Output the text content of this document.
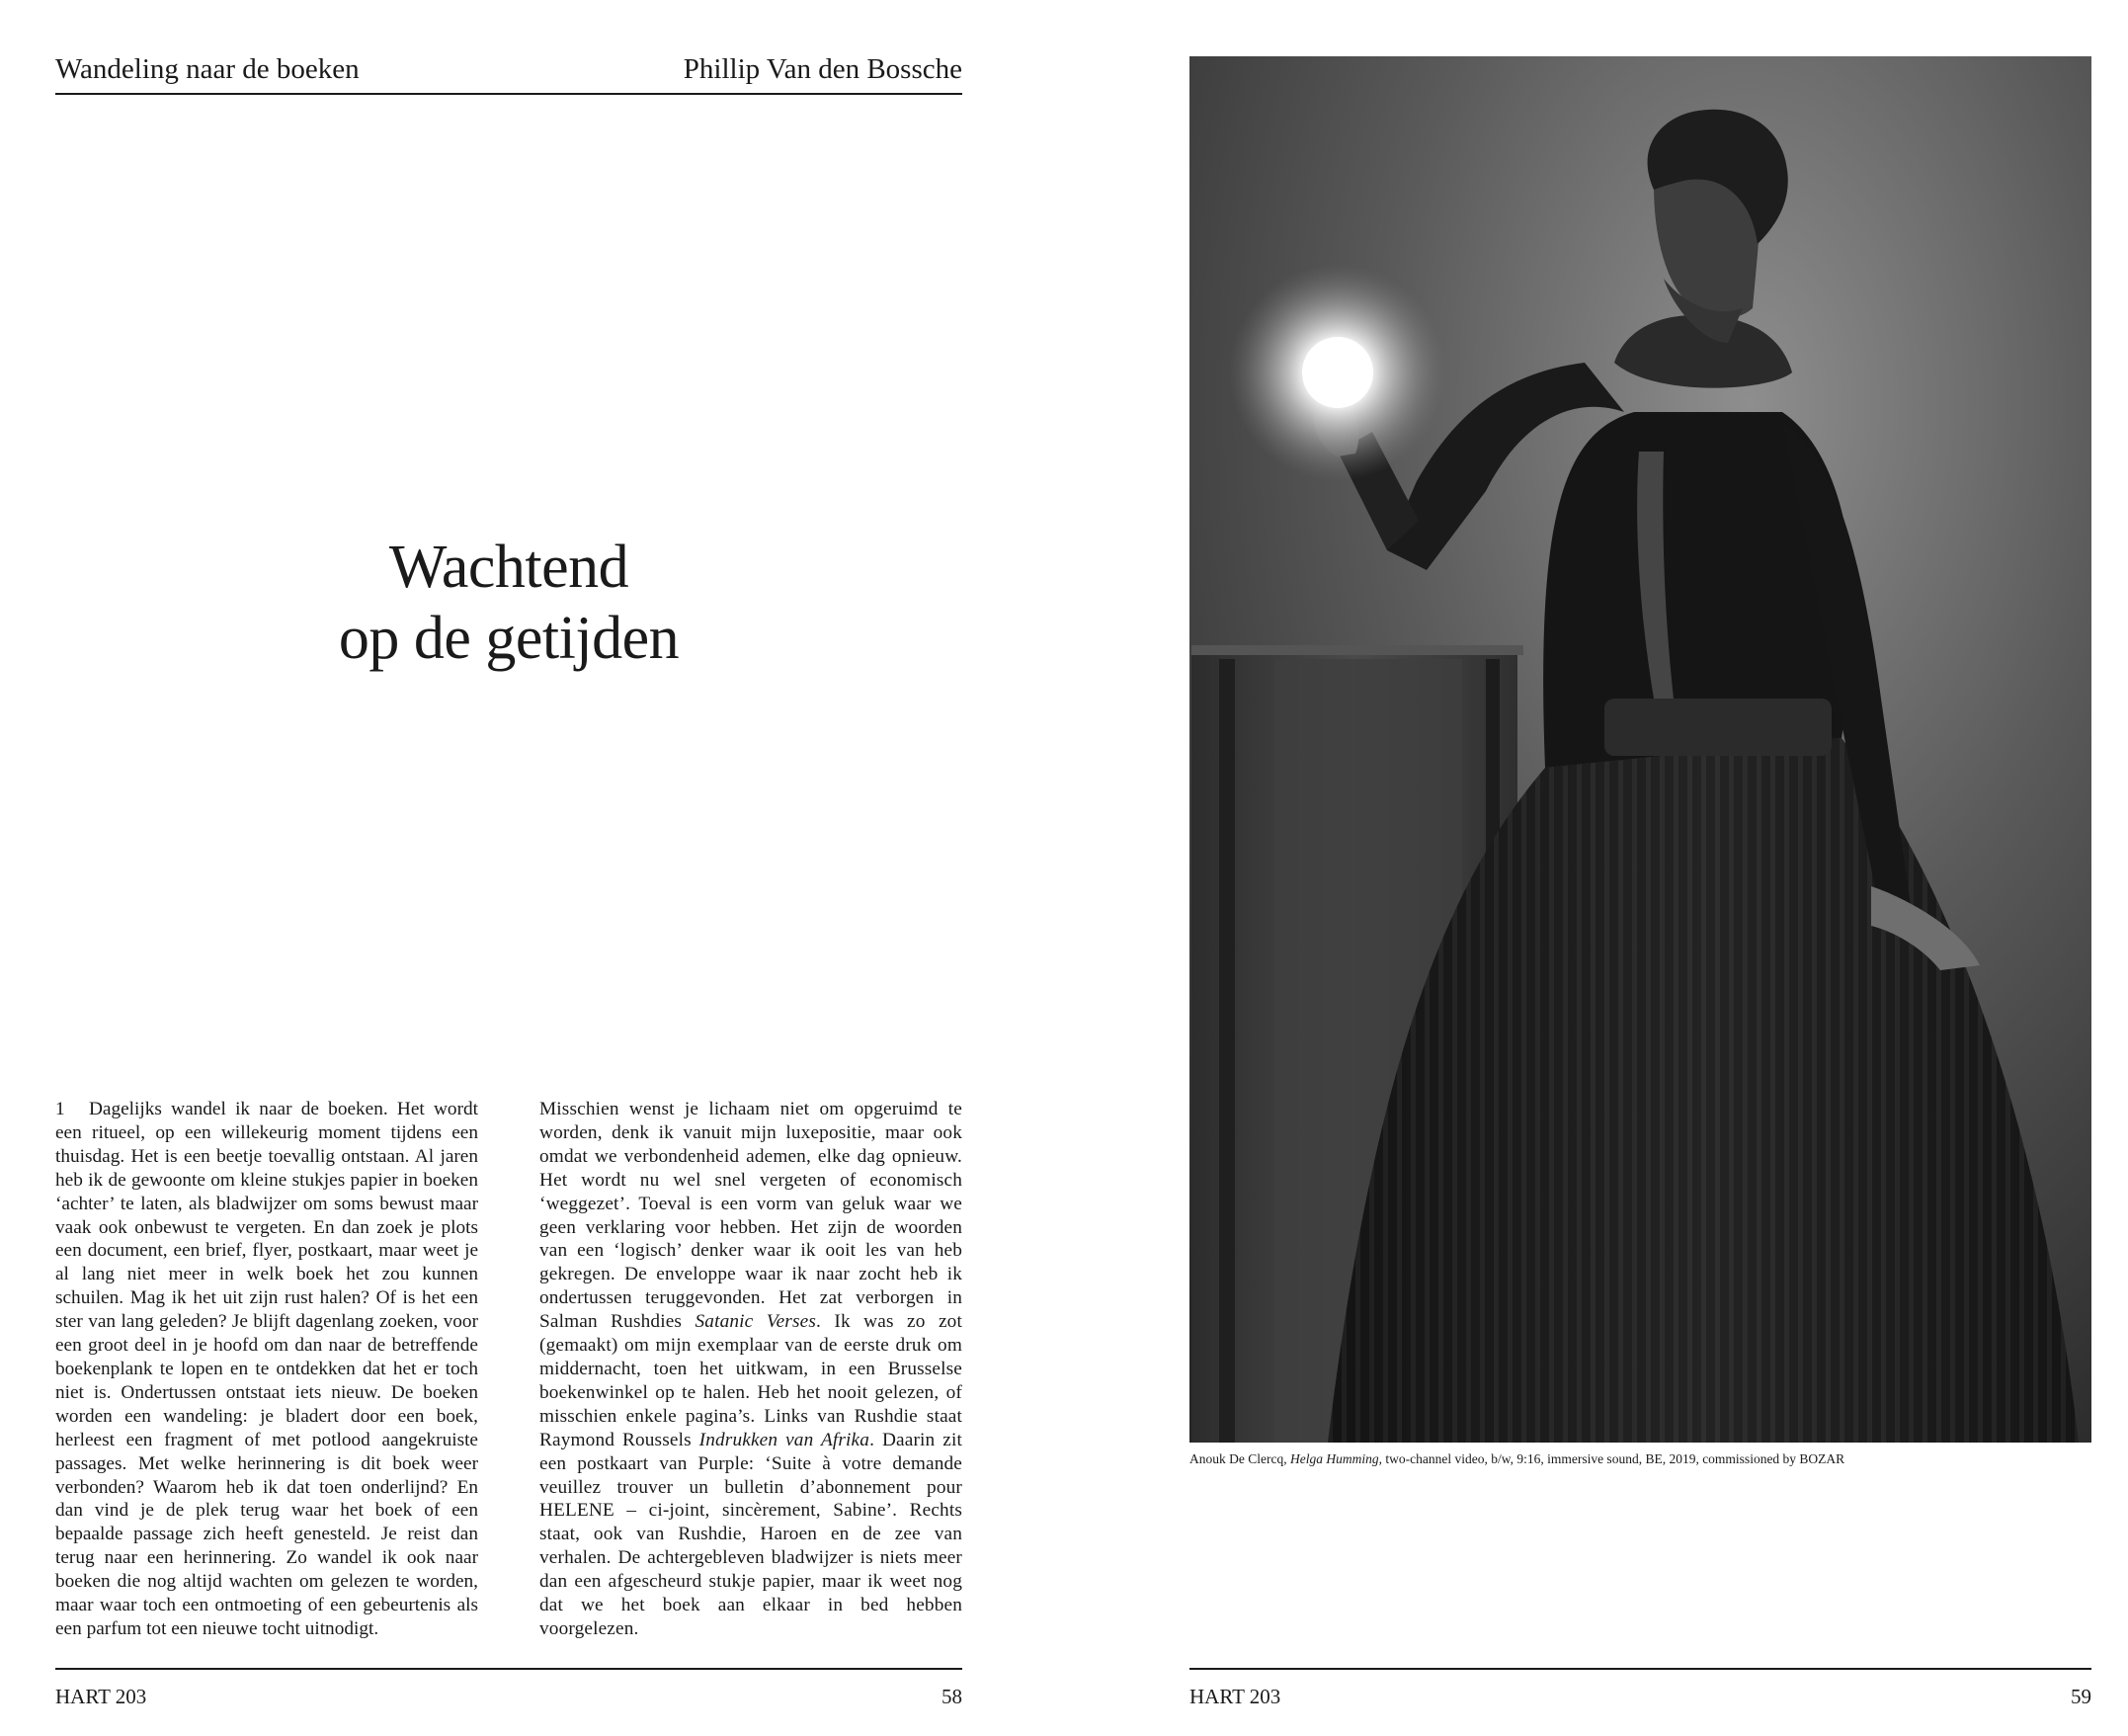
Wandeling naar de boeken	Phillip Van den Bossche
Wachtend
op de getijden

1 Dagelijks wandel ik naar de boeken. Het wordt een ritueel, op een willekeurig moment tijdens een thuisdag. Het is een beetje toevallig ontstaan. Al jaren heb ik de gewoonte om kleine stukjes papier in boeken ‘achter’ te laten, als bladwijzer om soms bewust maar vaak ook onbewust te vergeten. En dan zoek je plots een document, een brief, flyer, postkaart, maar weet je al lang niet meer in welk boek het zou kunnen schuilen. Mag ik het uit zijn rust halen? Of is het een ster van lang geleden? Je blijft dagenlang zoeken, voor een groot deel in je hoofd om dan naar de betreffende boekenplank te lopen en te ontdekken dat het er toch niet is. Ondertussen ontstaat iets nieuw. De boeken worden een wandeling: je bladert door een boek, herleest een fragment of met potlood aangekruiste passages. Met welke herinnering is dit boek weer verbonden? Waarom heb ik dat toen onderlijnd? En dan vind je de plek terug waar het boek of een bepaalde passage zich heeft genesteld. Je reist dan terug naar een herinnering. Zo wandel ik ook naar boeken die nog altijd wachten om gelezen te worden, maar waar toch een ontmoeting of een gebeurtenis als een parfum tot een nieuwe tocht uitnodigt.

Misschien wenst je lichaam niet om opgeruimd te worden, denk ik vanuit mijn luxepositie, maar ook omdat we verbondenheid ademen, elke dag opnieuw. Het wordt nu wel snel vergeten of economisch ‘weggezet’. Toeval is een vorm van geluk waar we geen verklaring voor hebben. Het zijn de woorden van een ‘logisch’ denker waar ik ooit les van heb gekregen. De enveloppe waar ik naar zocht heb ik ondertussen teruggevonden. Het zat verborgen in Salman Rushdies Satanic Verses. Ik was zo zot (gemaakt) om mijn exemplaar van de eerste druk om middernacht, toen het uitkwam, in een Brusselse boekenwinkel op te halen. Heb het nooit gelezen, of misschien enkele pagina’s. Links van Rushdie staat Raymond Roussels Indrukken van Afrika. Daarin zit een postkaart van Purple: ‘Suite à votre demande veuillez trouver un bulletin d’abonnement pour HELENE – ci-joint, sincèrement, Sabine’. Rechts staat, ook van Rushdie, Haroen en de zee van verhalen. De achtergebleven bladwijzer is niets meer dan een afgescheurd stukje papier, maar ik weet nog dat we het boek aan elkaar in bed hebben voorgelezen.

HART 203	58
Anouk De Clercq, Helga Humming, two-channel video, b/w, 9:16, immersive sound, BE, 2019, commissioned by BOZAR
HART 203	59
